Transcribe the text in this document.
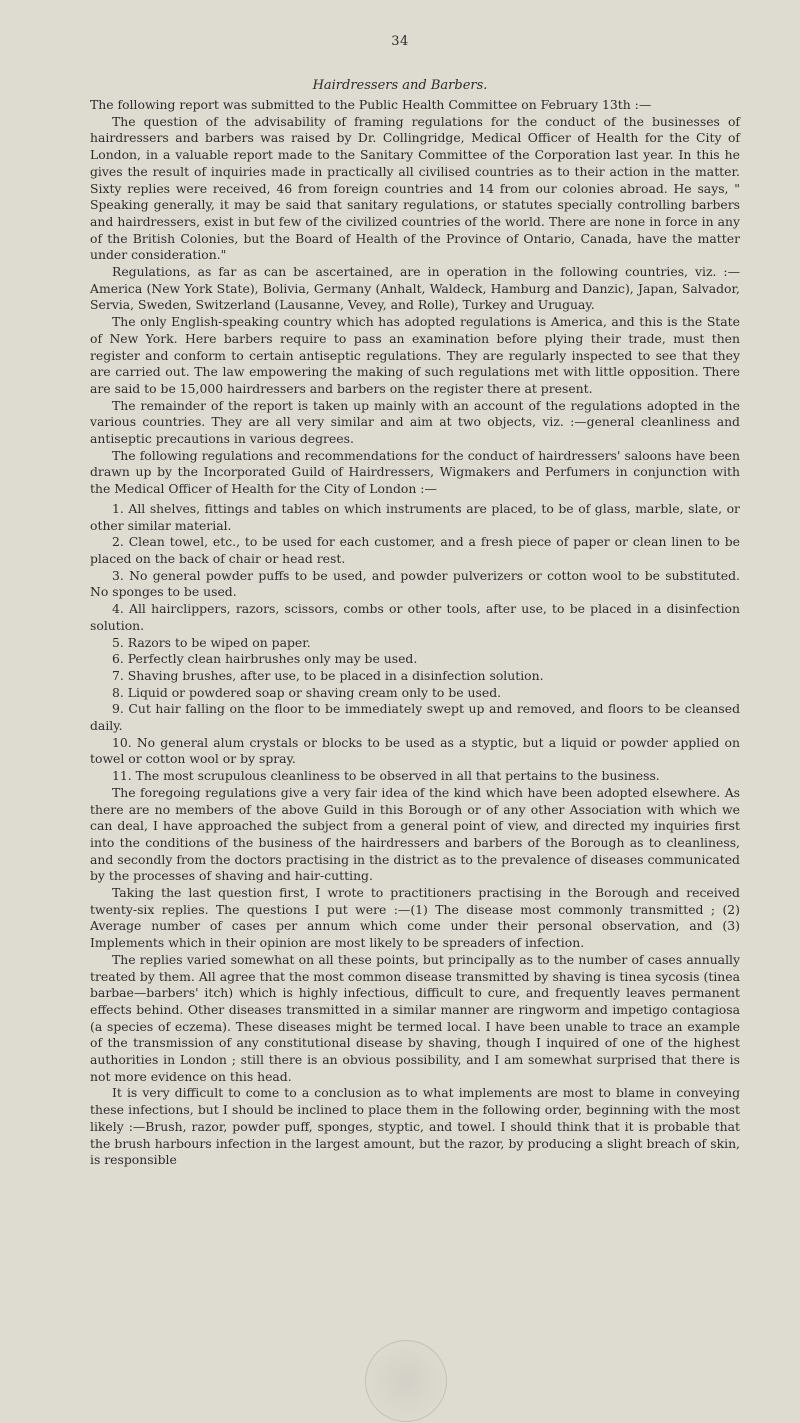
34
Hairdressers and Barbers.

The following report was submitted to the Public Health Committee on February 13th :—

The question of the advisability of framing regulations for the conduct of the businesses of hairdressers and barbers was raised by Dr. Collingridge, Medical Officer of Health for the City of London, in a valuable report made to the Sanitary Committee of the Corporation last year. In this he gives the result of inquiries made in practically all civilised countries as to their action in the matter. Sixty replies were received, 46 from foreign countries and 14 from our colonies abroad. He says, " Speaking generally, it may be said that sanitary regulations, or statutes specially controlling barbers and hairdressers, exist in but few of the civilized countries of the world. There are none in force in any of the British Colonies, but the Board of Health of the Province of Ontario, Canada, have the matter under consideration."

Regulations, as far as can be ascertained, are in operation in the following countries, viz. :—America (New York State), Bolivia, Germany (Anhalt, Waldeck, Hamburg and Danzic), Japan, Salvador, Servia, Sweden, Switzerland (Lausanne, Vevey, and Rolle), Turkey and Uruguay.

The only English-speaking country which has adopted regulations is America, and this is the State of New York. Here barbers require to pass an examination before plying their trade, must then register and conform to certain antiseptic regulations. They are regularly inspected to see that they are carried out. The law empowering the making of such regulations met with little opposition. There are said to be 15,000 hairdressers and barbers on the register there at present.

The remainder of the report is taken up mainly with an account of the regulations adopted in the various countries. They are all very similar and aim at two objects, viz. :—general cleanliness and antiseptic precautions in various degrees.

The following regulations and recommendations for the conduct of hairdressers' saloons have been drawn up by the Incorporated Guild of Hairdressers, Wigmakers and Perfumers in conjunction with the Medical Officer of Health for the City of London :—

1. All shelves, fittings and tables on which instruments are placed, to be of glass, marble, slate, or other similar material.
2. Clean towel, etc., to be used for each customer, and a fresh piece of paper or clean linen to be placed on the back of chair or head rest.
3. No general powder puffs to be used, and powder pulverizers or cotton wool to be substituted. No sponges to be used.
4. All hairclippers, razors, scissors, combs or other tools, after use, to be placed in a disinfection solution.
5. Razors to be wiped on paper.
6. Perfectly clean hairbrushes only may be used.
7. Shaving brushes, after use, to be placed in a disinfection solution.
8. Liquid or powdered soap or shaving cream only to be used.
9. Cut hair falling on the floor to be immediately swept up and removed, and floors to be cleansed daily.
10. No general alum crystals or blocks to be used as a styptic, but a liquid or powder applied on towel or cotton wool or by spray.
11. The most scrupulous cleanliness to be observed in all that pertains to the business.

The foregoing regulations give a very fair idea of the kind which have been adopted elsewhere. As there are no members of the above Guild in this Borough or of any other Association with which we can deal, I have approached the subject from a general point of view, and directed my inquiries first into the conditions of the business of the hairdressers and barbers of the Borough as to cleanliness, and secondly from the doctors practising in the district as to the prevalence of diseases communicated by the processes of shaving and hair-cutting.

Taking the last question first, I wrote to practitioners practising in the Borough and received twenty-six replies. The questions I put were :—(1) The disease most commonly transmitted ; (2) Average number of cases per annum which come under their personal observation, and (3) Implements which in their opinion are most likely to be spreaders of infection.

The replies varied somewhat on all these points, but principally as to the number of cases annually treated by them. All agree that the most common disease transmitted by shaving is tinea sycosis (tinea barbae—barbers' itch) which is highly infectious, difficult to cure, and frequently leaves permanent effects behind. Other diseases transmitted in a similar manner are ringworm and impetigo contagiosa (a species of eczema). These diseases might be termed local. I have been unable to trace an example of the transmission of any constitutional disease by shaving, though I inquired of one of the highest authorities in London ; still there is an obvious possibility, and I am somewhat surprised that there is not more evidence on this head.

It is very difficult to come to a conclusion as to what implements are most to blame in conveying these infections, but I should be inclined to place them in the following order, beginning with the most likely :—Brush, razor, powder puff, sponges, styptic, and towel. I should think that it is probable that the brush harbours infection in the largest amount, but the razor, by producing a slight breach of skin, is responsible
